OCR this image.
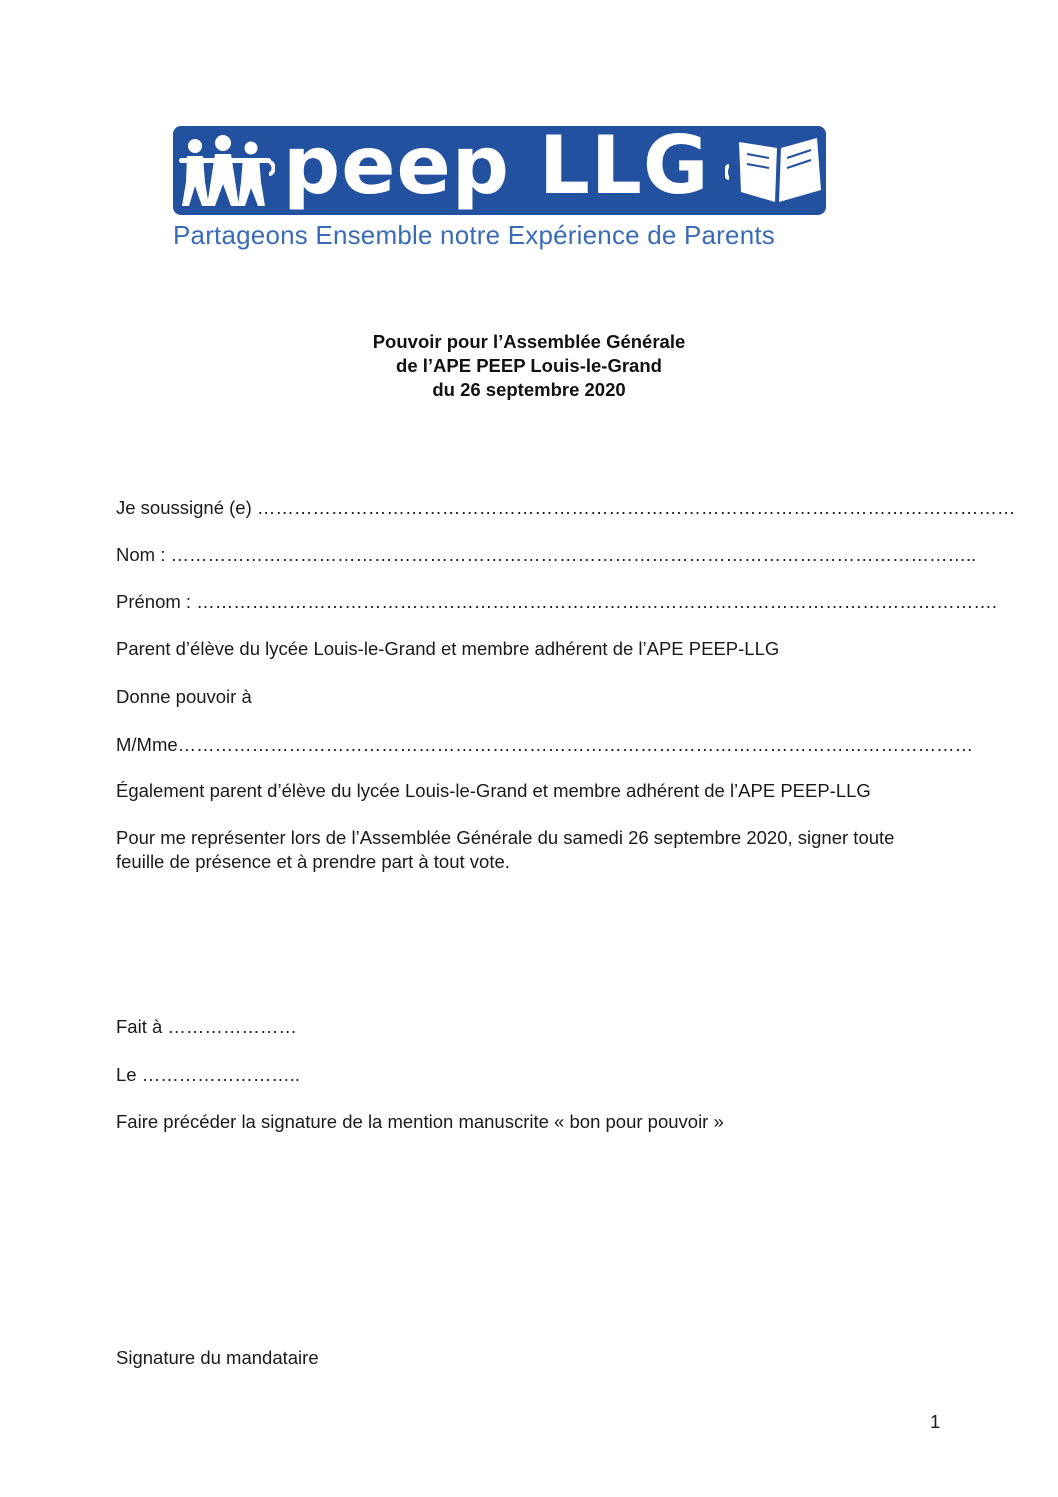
peep LLG
Partageons Ensemble notre Expérience de Parents
Pouvoir pour l’Assemblée Générale
de l’APE PEEP Louis-le-Grand
du 26 septembre 2020
Je soussigné (e) ……………………………………………………………………………………………………………
Nom : …………………………………………………………………………………………………………………..
Prénom : ………………………………………………………………………………………………………………….
Parent d’élève du lycée Louis-le-Grand et membre adhérent de l’APE PEEP-LLG
Donne pouvoir à
M/Mme…………………………………………………………………………………………………………………
Également parent d’élève du lycée Louis-le-Grand et membre adhérent de l’APE PEEP-LLG
Pour me représenter lors de l’Assemblée Générale du samedi 26 septembre 2020, signer toute
feuille de présence et à prendre part à tout vote.
Fait à …………………
Le ……………………..
Faire précéder la signature de la mention manuscrite « bon pour pouvoir »
Signature du mandataire
1
